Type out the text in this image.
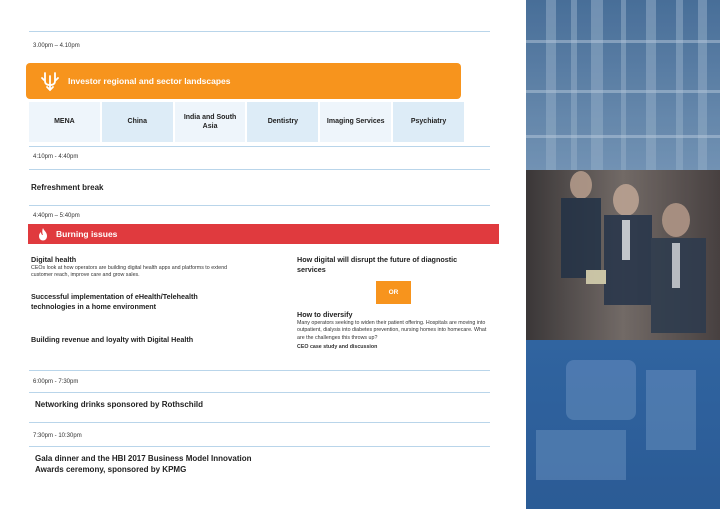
3.00pm – 4.10pm
Investor regional and sector landscapes
MENA	China
India and South Asia
Dentistry	Imaging Services	Psychiatry
4:10pm - 4:40pm
Refreshment break
4:40pm – 5:40pm
Burning issues
Digital health
CEOs look at how operators are building digital health apps and platforms to extend customer reach, improve care and grow sales.
Successful implementation of eHealth/Telehealth technologies in a home environment
Building revenue and loyalty with Digital Health
How digital will disrupt the future of diagnostic services
OR
How to diversify
Many operators seeking to widen their patient offering. Hospitals are moving into outpatient, dialysis into diabetes prevention, nursing homes into homecare. What are the challenges this throws up?
CEO case study and discussion
6:00pm - 7:30pm
Networking drinks sponsored by Rothschild
7:30pm - 10:30pm
Gala dinner and the HBI 2017 Business Model Innovation Awards ceremony, sponsored by KPMG
